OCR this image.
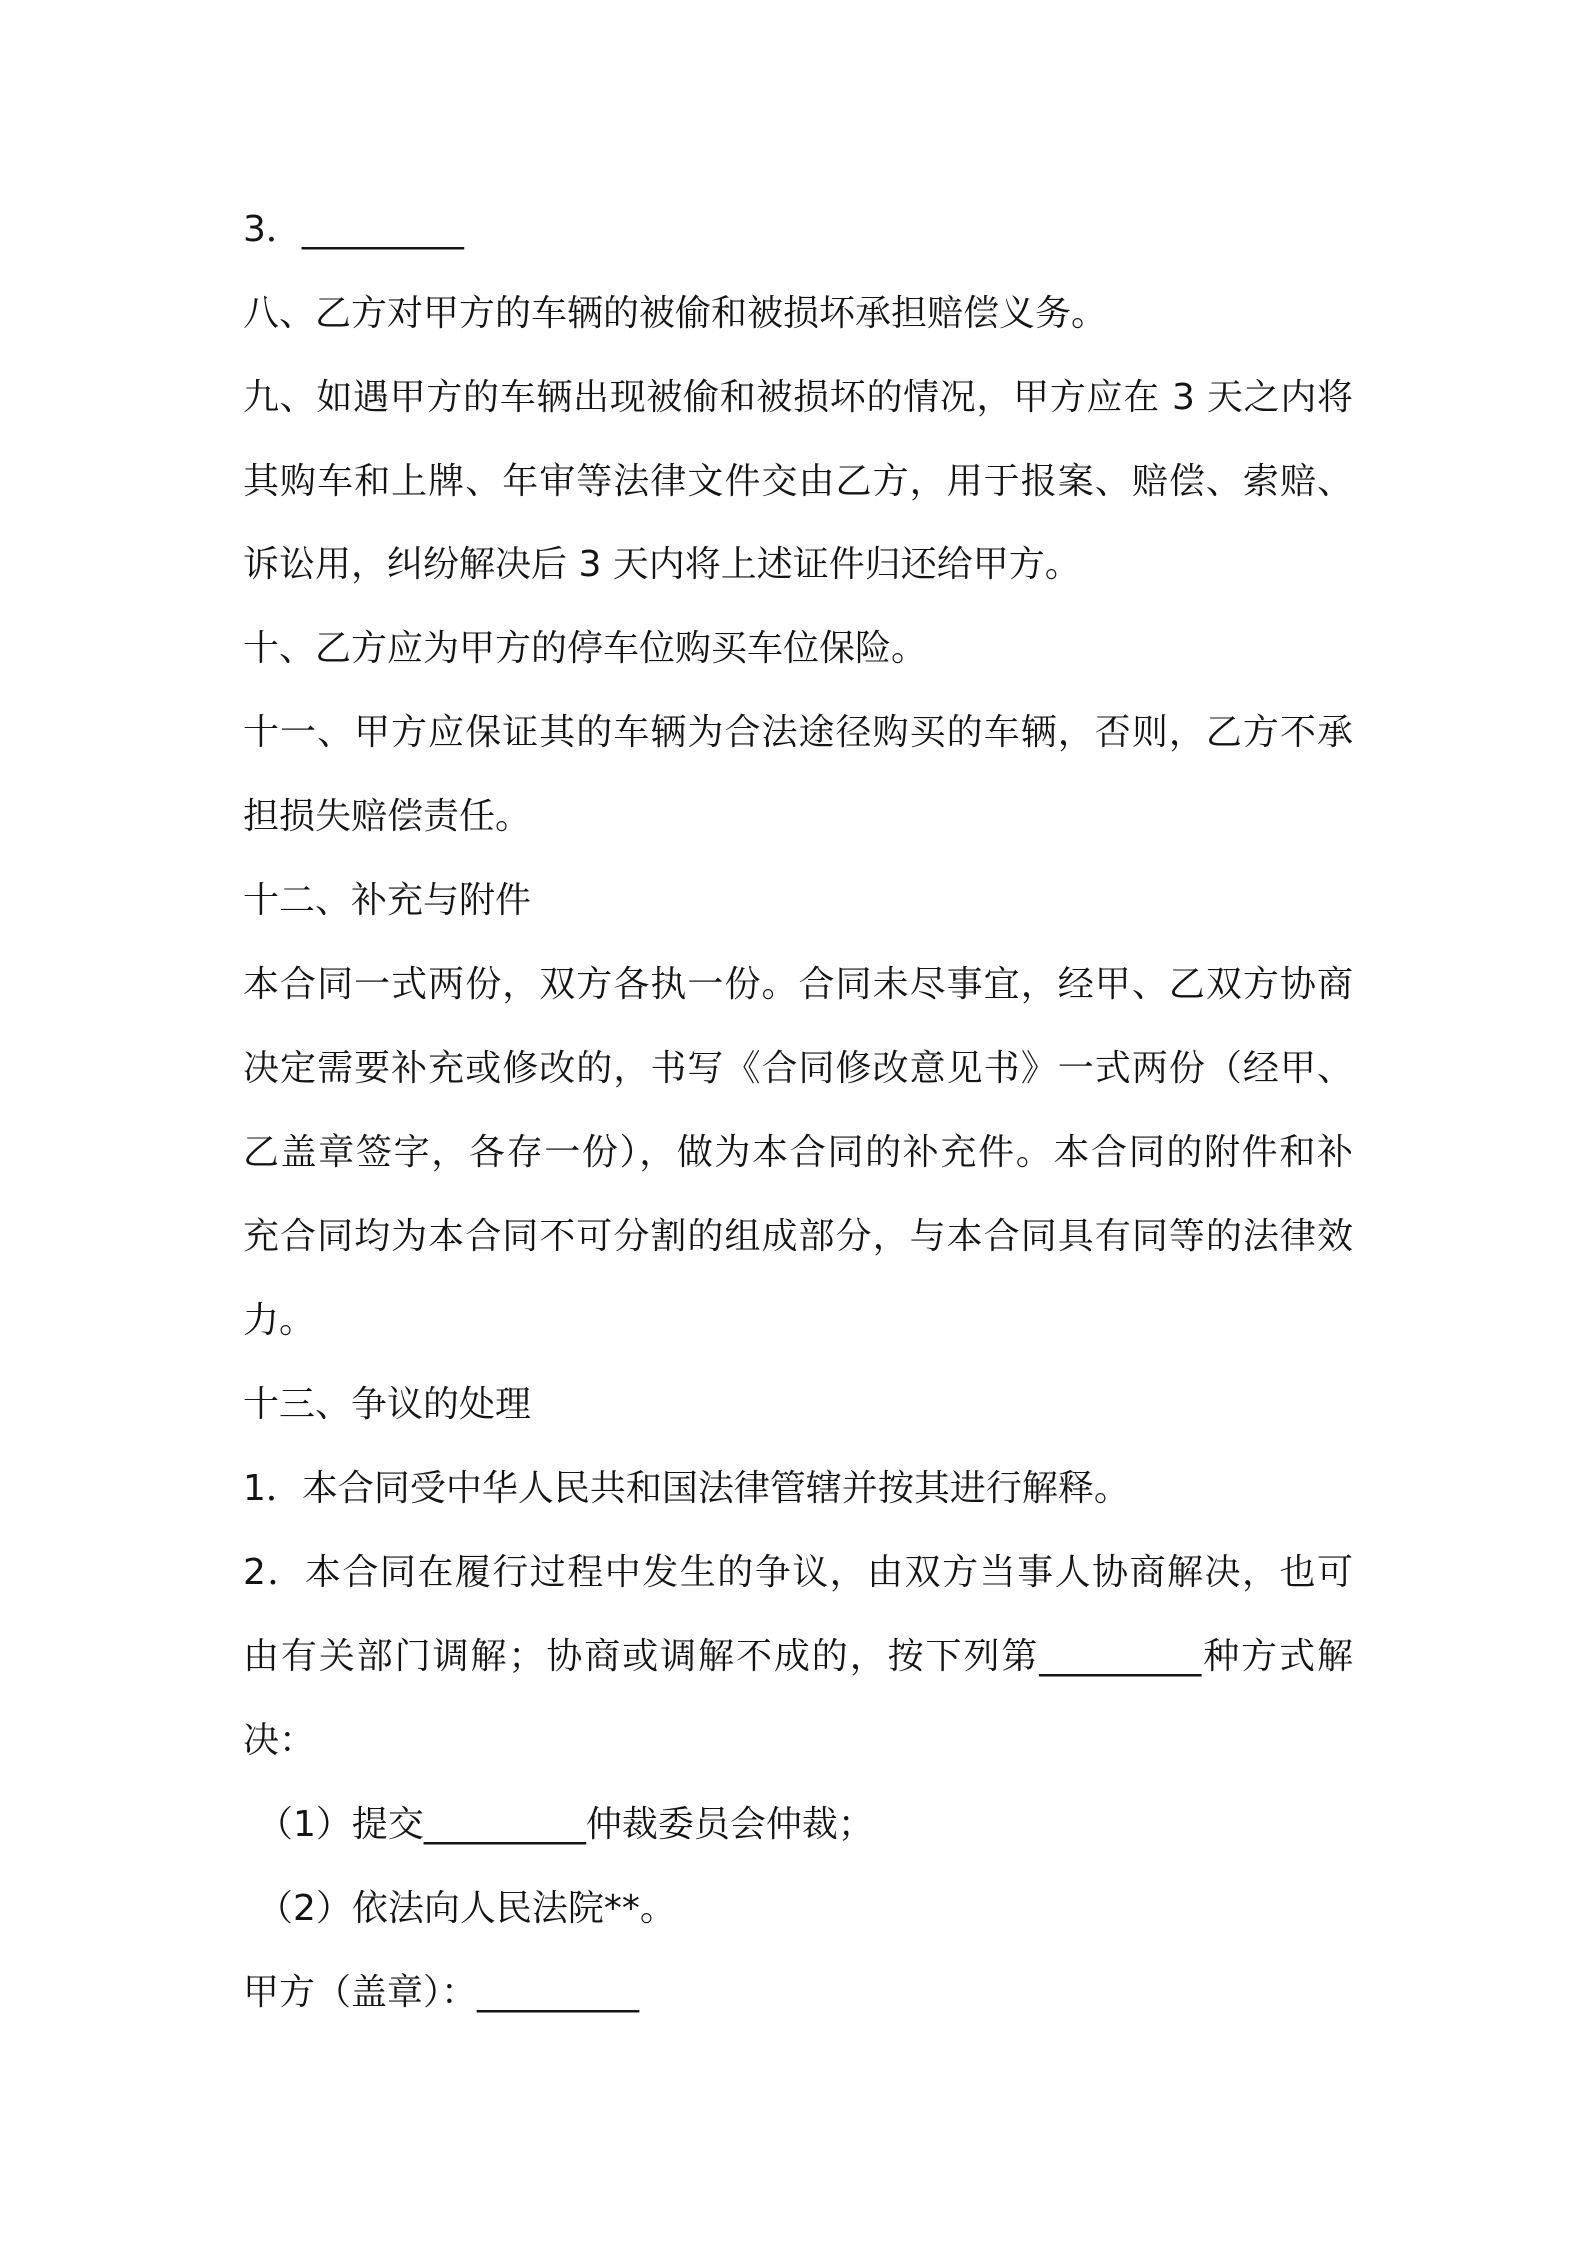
3．_________
八、乙方对甲方的车辆的被偷和被损坏承担赔偿义务。
九、如遇甲方的车辆出现被偷和被损坏的情况，甲方应在 3 天之内将
其购车和上牌、年审等法律文件交由乙方，用于报案、赔偿、索赔、
诉讼用，纠纷解决后 3 天内将上述证件归还给甲方。
十、乙方应为甲方的停车位购买车位保险。
十一、甲方应保证其的车辆为合法途径购买的车辆，否则，乙方不承
担损失赔偿责任。
十二、补充与附件
本合同一式两份，双方各执一份。合同未尽事宜，经甲、乙双方协商
决定需要补充或修改的，书写《合同修改意见书》一式两份（经甲、
乙盖章签字，各存一份），做为本合同的补充件。本合同的附件和补
充合同均为本合同不可分割的组成部分，与本合同具有同等的法律效
力。
十三、争议的处理
1．本合同受中华人民共和国法律管辖并按其进行解释。
2．本合同在履行过程中发生的争议，由双方当事人协商解决，也可
由有关部门调解；协商或调解不成的，按下列第_________种方式解
决：
（1）提交_________仲裁委员会仲裁；
（2）依法向人民法院**。
甲方（盖章）：_________
